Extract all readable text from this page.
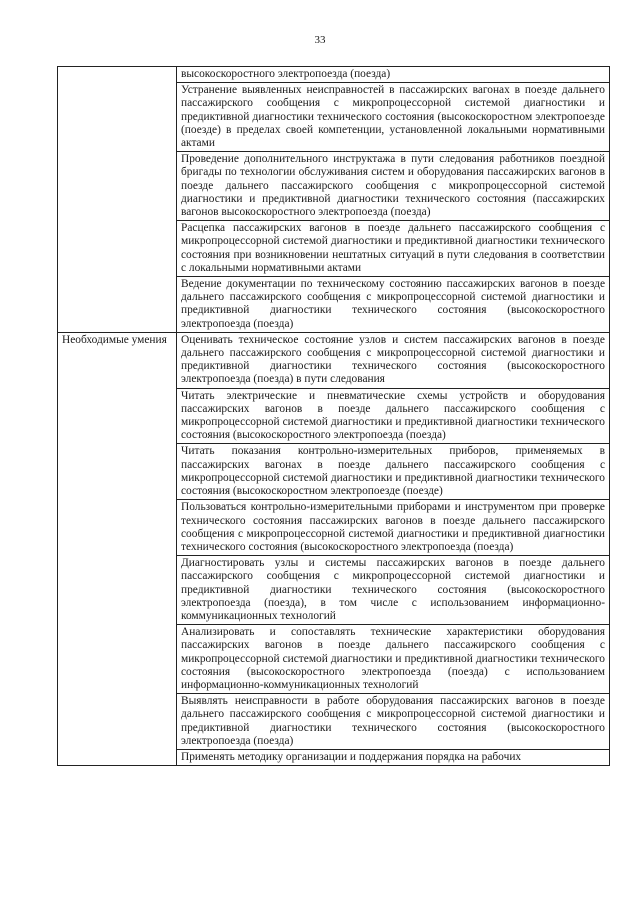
33
	высокоскоростного электропоезда (поезда)
	Устранение выявленных неисправностей в пассажирских вагонах в поезде дальнего пассажирского сообщения с микропроцессорной системой диагностики и предиктивной диагностики технического состояния (высокоскоростном электропоезде (поезде) в пределах своей компетенции, установленной локальными нормативными актами
	Проведение дополнительного инструктажа в пути следования работников поездной бригады по технологии обслуживания систем и оборудования пассажирских вагонов в поезде дальнего пассажирского сообщения с микропроцессорной системой диагностики и предиктивной диагностики технического состояния (пассажирских вагонов высокоскоростного электропоезда (поезда)
	Расцепка пассажирских вагонов в поезде дальнего пассажирского сообщения с микропроцессорной системой диагностики и предиктивной диагностики технического состояния при возникновении нештатных ситуаций в пути следования в соответствии с локальными нормативными актами
	Ведение документации по техническому состоянию пассажирских вагонов в поезде дальнего пассажирского сообщения с микропроцессорной системой диагностики и предиктивной диагностики технического состояния (высокоскоростного электропоезда (поезда)
Необходимые умения	Оценивать техническое состояние узлов и систем пассажирских вагонов в поезде дальнего пассажирского сообщения с микропроцессорной системой диагностики и предиктивной диагностики технического состояния (высокоскоростного электропоезда (поезда) в пути следования
	Читать электрические и пневматические схемы устройств и оборудования пассажирских вагонов в поезде дальнего пассажирского сообщения с микропроцессорной системой диагностики и предиктивной диагностики технического состояния (высокоскоростного электропоезда (поезда)
	Читать показания контрольно-измерительных приборов, применяемых в пассажирских вагонах в поезде дальнего пассажирского сообщения с микропроцессорной системой диагностики и предиктивной диагностики технического состояния (высокоскоростном электропоезде (поезде)
	Пользоваться контрольно-измерительными приборами и инструментом при проверке технического состояния пассажирских вагонов в поезде дальнего пассажирского сообщения с микропроцессорной системой диагностики и предиктивной диагностики технического состояния (высокоскоростного электропоезда (поезда)
	Диагностировать узлы и системы пассажирских вагонов в поезде дальнего пассажирского сообщения с микропроцессорной системой диагностики и предиктивной диагностики технического состояния (высокоскоростного электропоезда (поезда), в том числе с использованием информационно-коммуникационных технологий
	Анализировать и сопоставлять технические характеристики оборудования пассажирских вагонов в поезде дальнего пассажирского сообщения с микропроцессорной системой диагностики и предиктивной диагностики технического состояния (высокоскоростного электропоезда (поезда) с использованием информационно-коммуникационных технологий
	Выявлять неисправности в работе оборудования пассажирских вагонов в поезде дальнего пассажирского сообщения с микропроцессорной системой диагностики и предиктивной диагностики технического состояния (высокоскоростного электропоезда (поезда)
	Применять методику организации и поддержания порядка на рабочих
